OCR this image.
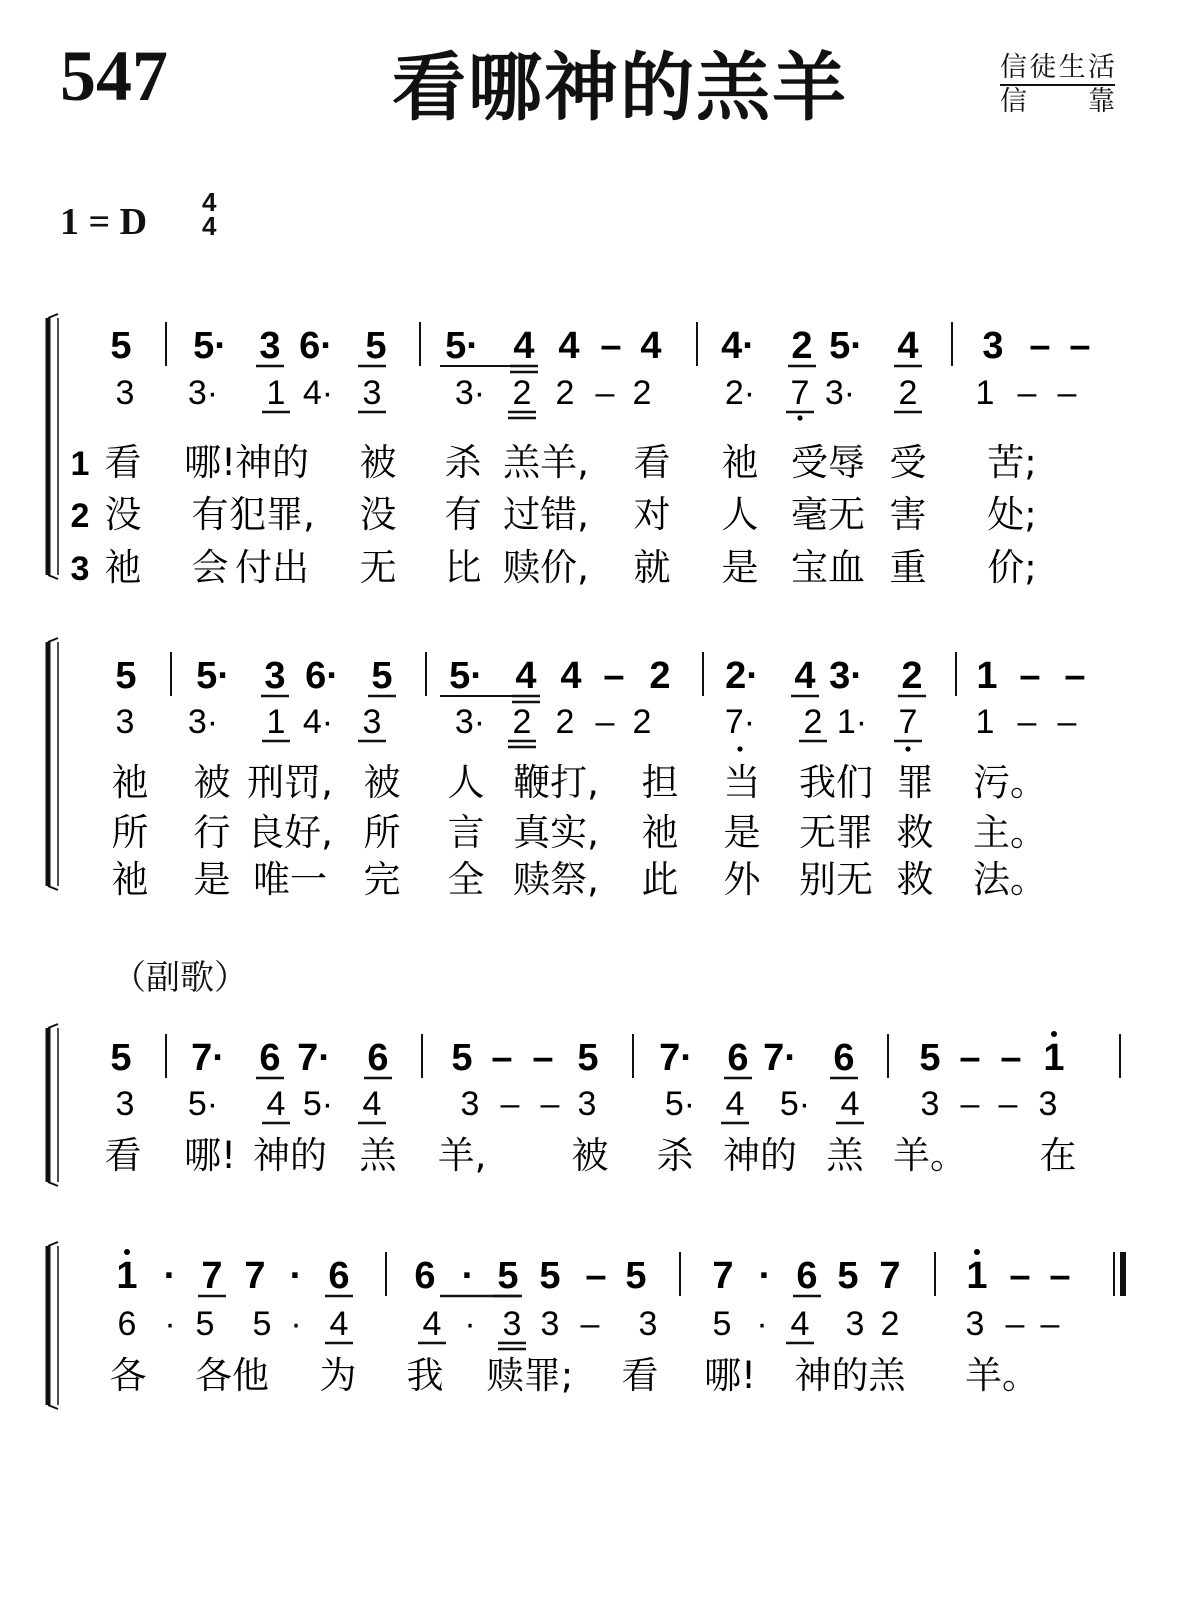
547	看哪神的羔羊	信徒生活
信靠
1 = D 4
4
（副歌）
5 5· 3 6· 5 5· 4 4 – 4 4· 2 5· 4 3 – –
3 3· 1 4· 3 3· 2 2 – 2 2· 7 3· 2 1 – –
1 看 哪! 神的 被 杀 羔羊, 看 祂 受辱 受 苦;
2 没 有 犯罪, 没 有 过错, 对 人 毫无 害 处;
3 祂 会 付出 无 比 赎价, 就 是 宝血 重 价;
5 5· 3 6· 5 5· 4 4 – 2 2· 4 3· 2 1 – –
3 3· 1 4· 3 3· 2 2 – 2 7· 2 1· 7 1 – –
祂 被 刑罚, 被 人 鞭打, 担 当 我们 罪 污。
所 行 良好, 所 言 真实, 祂 是 无罪 救 主。
祂 是 唯一 完 全 赎祭, 此 外 别无 救 法。
5 7· 6 7· 6 5 – – 5 7· 6 7· 6 5 – – 1
3 5· 4 5· 4 3 – – 3 5· 4 5· 4 3 – – 3
看 哪! 神的 羔 羊, 被 杀 神的 羔 羊。 在
1 · 7 7 · 6 6 · 5 5 – 5 7 · 6 5 7 1 – –
6 · 5 5 · 4 4 · 3 3 – 3 5 · 4 3 2 3 – –
各 各他 为 我 赎罪; 看 哪! 神的羔 羊。
